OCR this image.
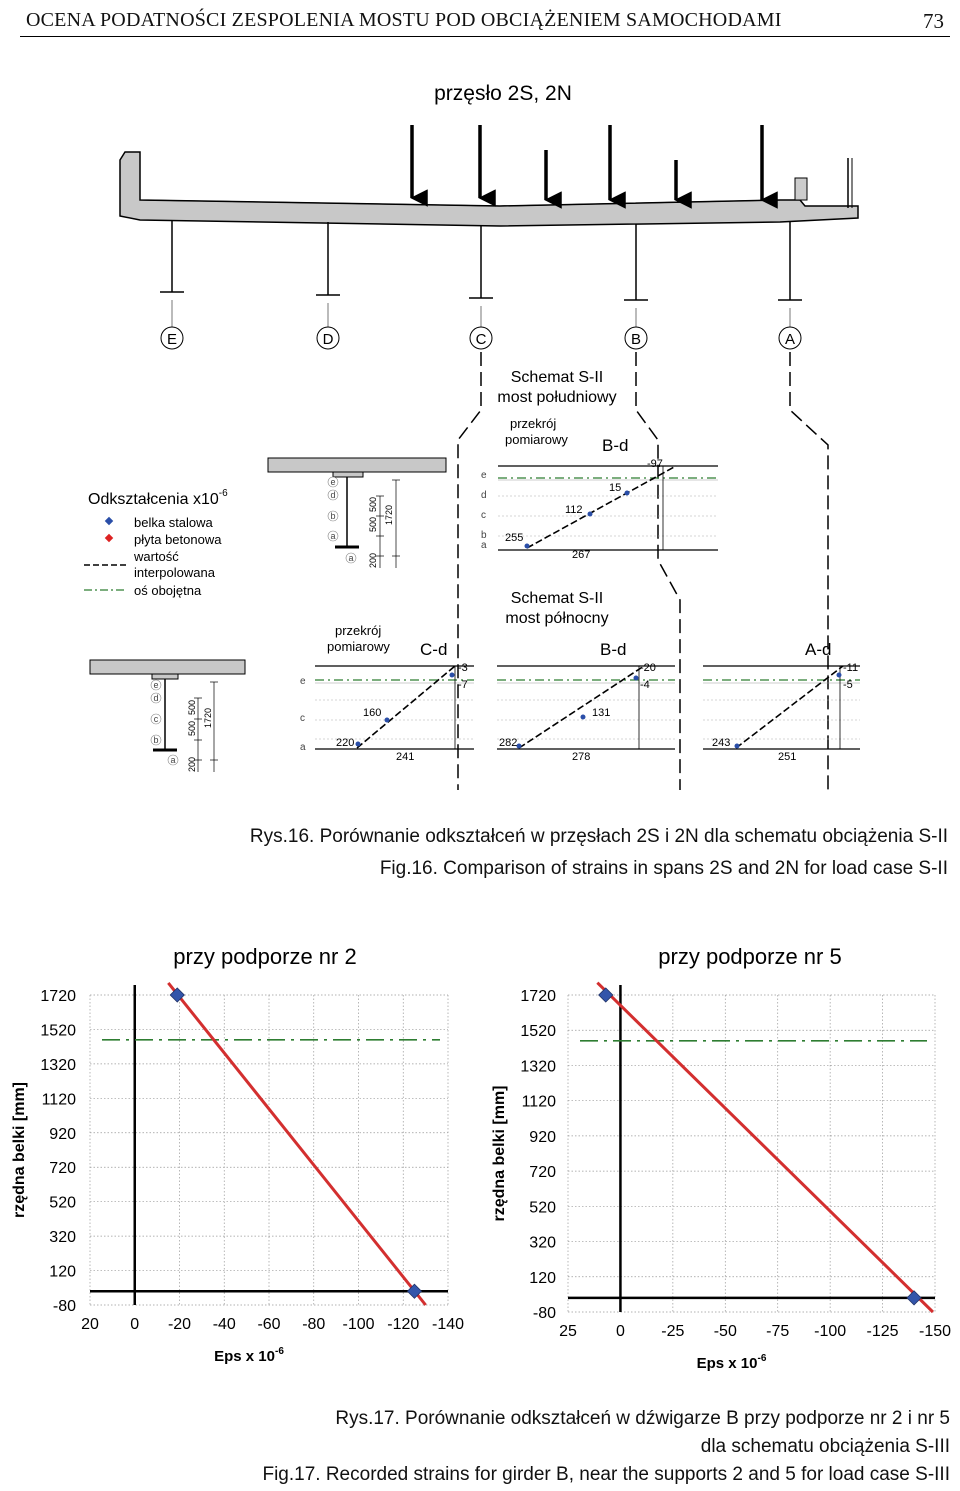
OCENA PODATNOŚCI ZESPOLENIA MOSTU POD OBCIĄŻENIEM SAMOCHODAMI	73
przęsło 2S, 2N
E	D	C	B	A
Odkształcenia $x10^{-6}$
belka stalowa
płyta betonowa
wartość
interpolowana
oś obojętna
e
d
b
a
a
500
500
200
1720
Schemat S-II
most południowy
przekrój
pomiarowy B-d
e
d
c
b
a
-97
15
112
255
267
Schemat S-II
most północny
przekrój
pomiarowy
e
d
c
b
a
500
500
200
1720
C-d
e
c
a
-3
-7
160
220
241
B-d
-20
-4
131
282
278
A-d
-11
-5
243
251
Rys.16. Porównanie odkształceń w przęsłach 2S i 2N dla schematu obciążenia S-II
Fig.16. Comparison of strains in spans 2S and 2N for load case S-II
przy podporze nr 2
1720
1520
1320
1120
920
720
520
320
120
-80
20 0 -20 -40 -60 -80 -100 -120 -140
Eps x $10^{-6}$
rzędna belki [mm]
przy podporze nr 5
1720
1520
1320
1120
920
720
520
320
120
-80
25 0 -25 -50 -75 -100 -125 -150
Eps x $10^{-6}$
rzędna belki [mm]
Rys.17. Porównanie odkształceń w dźwigarze B przy podporze nr 2 i nr 5
dla schematu obciążenia S-III
Fig.17. Recorded strains for girder B, near the supports 2 and 5 for load case S-III
